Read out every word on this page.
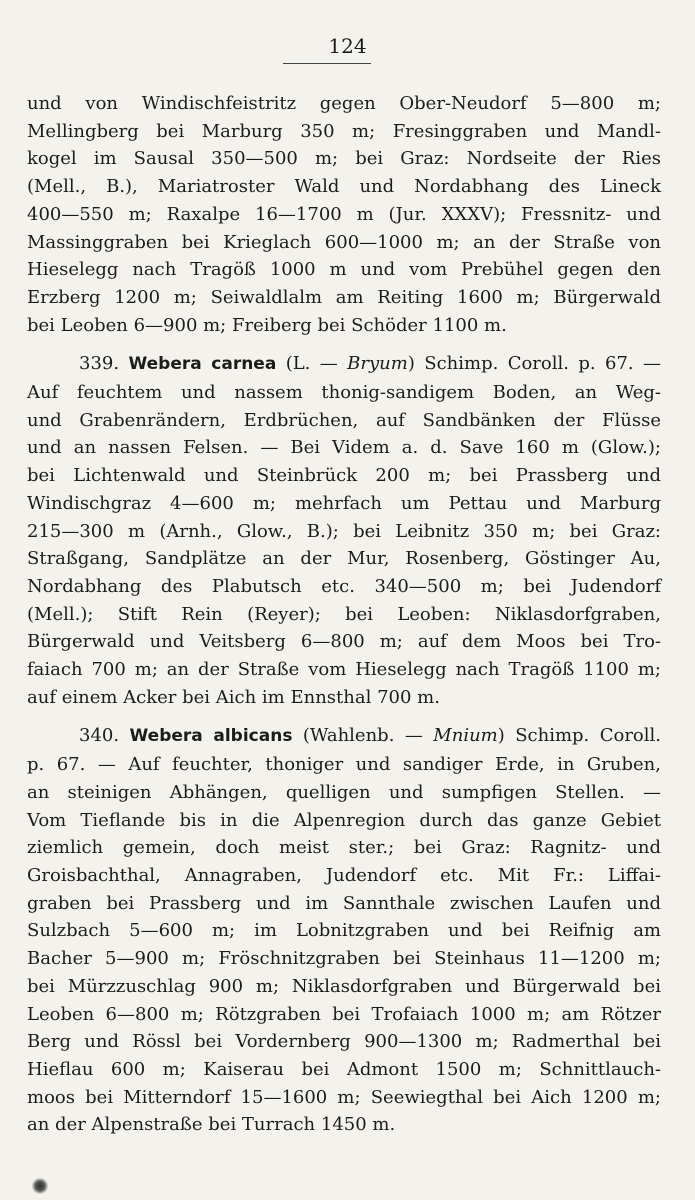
124
und von Windischfeistritz gegen Ober-Neudorf 5—800 m;
Mellingberg bei Marburg 350 m; Fresinggraben und Mandl-
kogel im Sausal 350—500 m; bei Graz: Nordseite der Ries
(Mell., B.), Mariatroster Wald und Nordabhang des Lineck
400—550 m; Raxalpe 16—1700 m (Jur. XXXV); Fressnitz- und
Massinggraben bei Krieglach 600—1000 m; an der Straße von
Hieselegg nach Tragöß 1000 m und vom Prebühel gegen den
Erzberg 1200 m; Seiwaldlalm am Reiting 1600 m; Bürgerwald
bei Leoben 6—900 m; Freiberg bei Schöder 1100 m.
339. Webera carnea (L. — Bryum) Schimp. Coroll. p. 67. —
Auf feuchtem und nassem thonig-sandigem Boden, an Weg-
und Grabenrändern, Erdbrüchen, auf Sandbänken der Flüsse
und an nassen Felsen. — Bei Videm a. d. Save 160 m (Glow.);
bei Lichtenwald und Steinbrück 200 m; bei Prassberg und
Windischgraz 4—600 m; mehrfach um Pettau und Marburg
215—300 m (Arnh., Glow., B.); bei Leibnitz 350 m; bei Graz:
Straßgang, Sandplätze an der Mur, Rosenberg, Göstinger Au,
Nordabhang des Plabutsch etc. 340—500 m; bei Judendorf
(Mell.); Stift Rein (Reyer); bei Leoben: Niklasdorfgraben,
Bürgerwald und Veitsberg 6—800 m; auf dem Moos bei Tro-
faiach 700 m; an der Straße vom Hieselegg nach Tragöß 1100 m;
auf einem Acker bei Aich im Ennsthal 700 m.
340. Webera albicans (Wahlenb. — Mnium) Schimp. Coroll.
p. 67. — Auf feuchter, thoniger und sandiger Erde, in Gruben,
an steinigen Abhängen, quelligen und sumpfigen Stellen. —
Vom Tieflande bis in die Alpenregion durch das ganze Gebiet
ziemlich gemein, doch meist ster.; bei Graz: Ragnitz- und
Groisbachthal, Annagraben, Judendorf etc. Mit Fr.: Liffai-
graben bei Prassberg und im Sannthale zwischen Laufen und
Sulzbach 5—600 m; im Lobnitzgraben und bei Reifnig am
Bacher 5—900 m; Fröschnitzgraben bei Steinhaus 11—1200 m;
bei Mürzzuschlag 900 m; Niklasdorfgraben und Bürgerwald bei
Leoben 6—800 m; Rötzgraben bei Trofaiach 1000 m; am Rötzer
Berg und Rössl bei Vordernberg 900—1300 m; Radmerthal bei
Hieflau 600 m; Kaiserau bei Admont 1500 m; Schnittlauch-
moos bei Mitterndorf 15—1600 m; Seewiegthal bei Aich 1200 m;
an der Alpenstraße bei Turrach 1450 m.
